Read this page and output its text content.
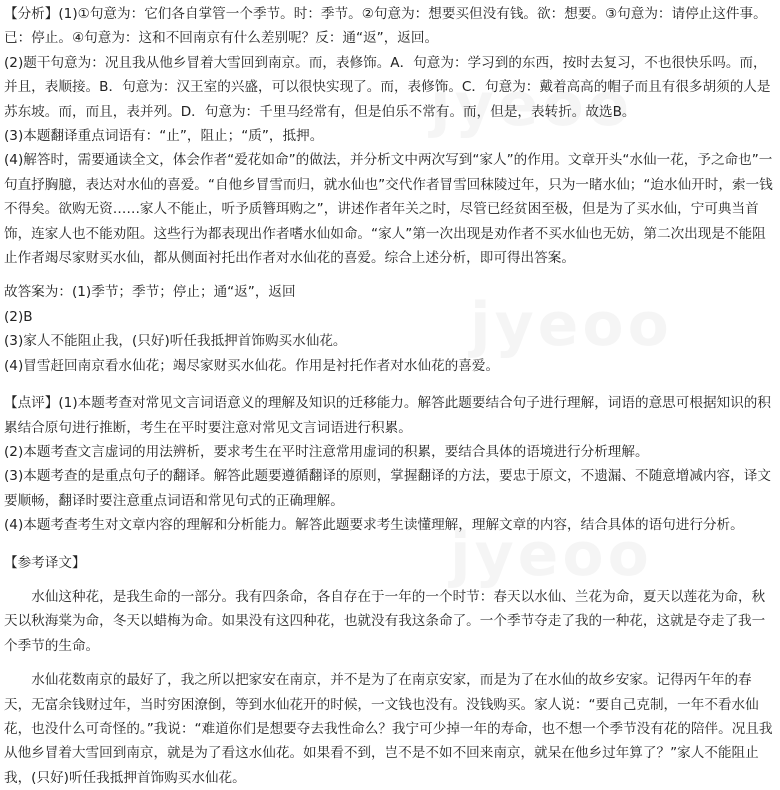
【分析】(1)①句意为：它们各自掌管一个季节。时：季节。②句意为：想要买但没有钱。欲：想要。③句意为：请停止这件事。已：停止。④句意为：这和不回南京有什么差别呢？反：通“返”，返回。

(2)题干句意为：况且我从他乡冒着大雪回到南京。而，表修饰。A．句意为：学习到的东西，按时去复习，不也很快乐吗。而，并且，表顺接。B．句意为：汉王室的兴盛，可以很快实现了。而，表修饰。C．句意为：戴着高高的帽子而且有很多胡须的人是苏东坡。而，而且，表并列。D．句意为：千里马经常有，但是伯乐不常有。而，但是，表转折。故选B。

(3)本题翻译重点词语有：“止”，阻止；“质”，抵押。

(4)解答时，需要通读全文，体会作者“爱花如命”的做法，并分析文中两次写到“家人”的作用。文章开头“水仙一花，予之命也”一句直抒胸臆，表达对水仙的喜爱。“自他乡冒雪而归，就水仙也”交代作者冒雪回秣陵过年，只为一睹水仙；“迨水仙开时，索一钱不得矣。欲购无资……家人不能止，听予质簪珥购之”，讲述作者年关之时，尽管已经贫困至极，但是为了买水仙，宁可典当首饰，连家人也不能劝阻。这些行为都表现出作者嗜水仙如命。“家人”第一次出现是劝作者不买水仙也无妨，第二次出现是不能阻止作者竭尽家财买水仙，都从侧面衬托出作者对水仙花的喜爱。综合上述分析，即可得出答案。

故答案为：(1)季节；季节；停止；通“返”，返回

(2)B

(3)家人不能阻止我，(只好)听任我抵押首饰购买水仙花。

(4)冒雪赶回南京看水仙花；竭尽家财买水仙花。作用是衬托作者对水仙花的喜爱。

【点评】(1)本题考查对常见文言词语意义的理解及知识的迁移能力。解答此题要结合句子进行理解，词语的意思可根据知识的积累结合原句进行推断，考生在平时要注意对常见文言词语进行积累。

(2)本题考查文言虚词的用法辨析，要求考生在平时注意常用虚词的积累，要结合具体的语境进行分析理解。

(3)本题考查的是重点句子的翻译。解答此题要遵循翻译的原则，掌握翻译的方法，要忠于原文，不遗漏、不随意增减内容，译文要顺畅，翻译时要注意重点词语和常见句式的正确理解。

(4)本题考查考生对文章内容的理解和分析能力。解答此题要求考生读懂理解，理解文章的内容，结合具体的语句进行分析。

【参考译文】

水仙这种花，是我生命的一部分。我有四条命，各自存在于一年的一个时节：春天以水仙、兰花为命，夏天以莲花为命，秋天以秋海棠为命，冬天以蜡梅为命。如果没有这四种花，也就没有我这条命了。一个季节夺走了我的一种花，这就是夺走了我一个季节的生命。

水仙花数南京的最好了，我之所以把家安在南京，并不是为了在南京安家，而是为了在水仙的故乡安家。记得丙午年的春天，无富余钱财过年，当时穷困潦倒，等到水仙花开的时候，一文钱也没有。没钱购买。家人说：“要自己克制，一年不看水仙花，也没什么可奇怪的。”我说：“难道你们是想要夺去我性命么？我宁可少掉一年的寿命，也不想一个季节没有花的陪伴。况且我从他乡冒着大雪回到南京，就是为了看这水仙花。如果看不到，岂不是不如不回来南京，就呆在他乡过年算了？”家人不能阻止我，(只好)听任我抵押首饰购买水仙花。
